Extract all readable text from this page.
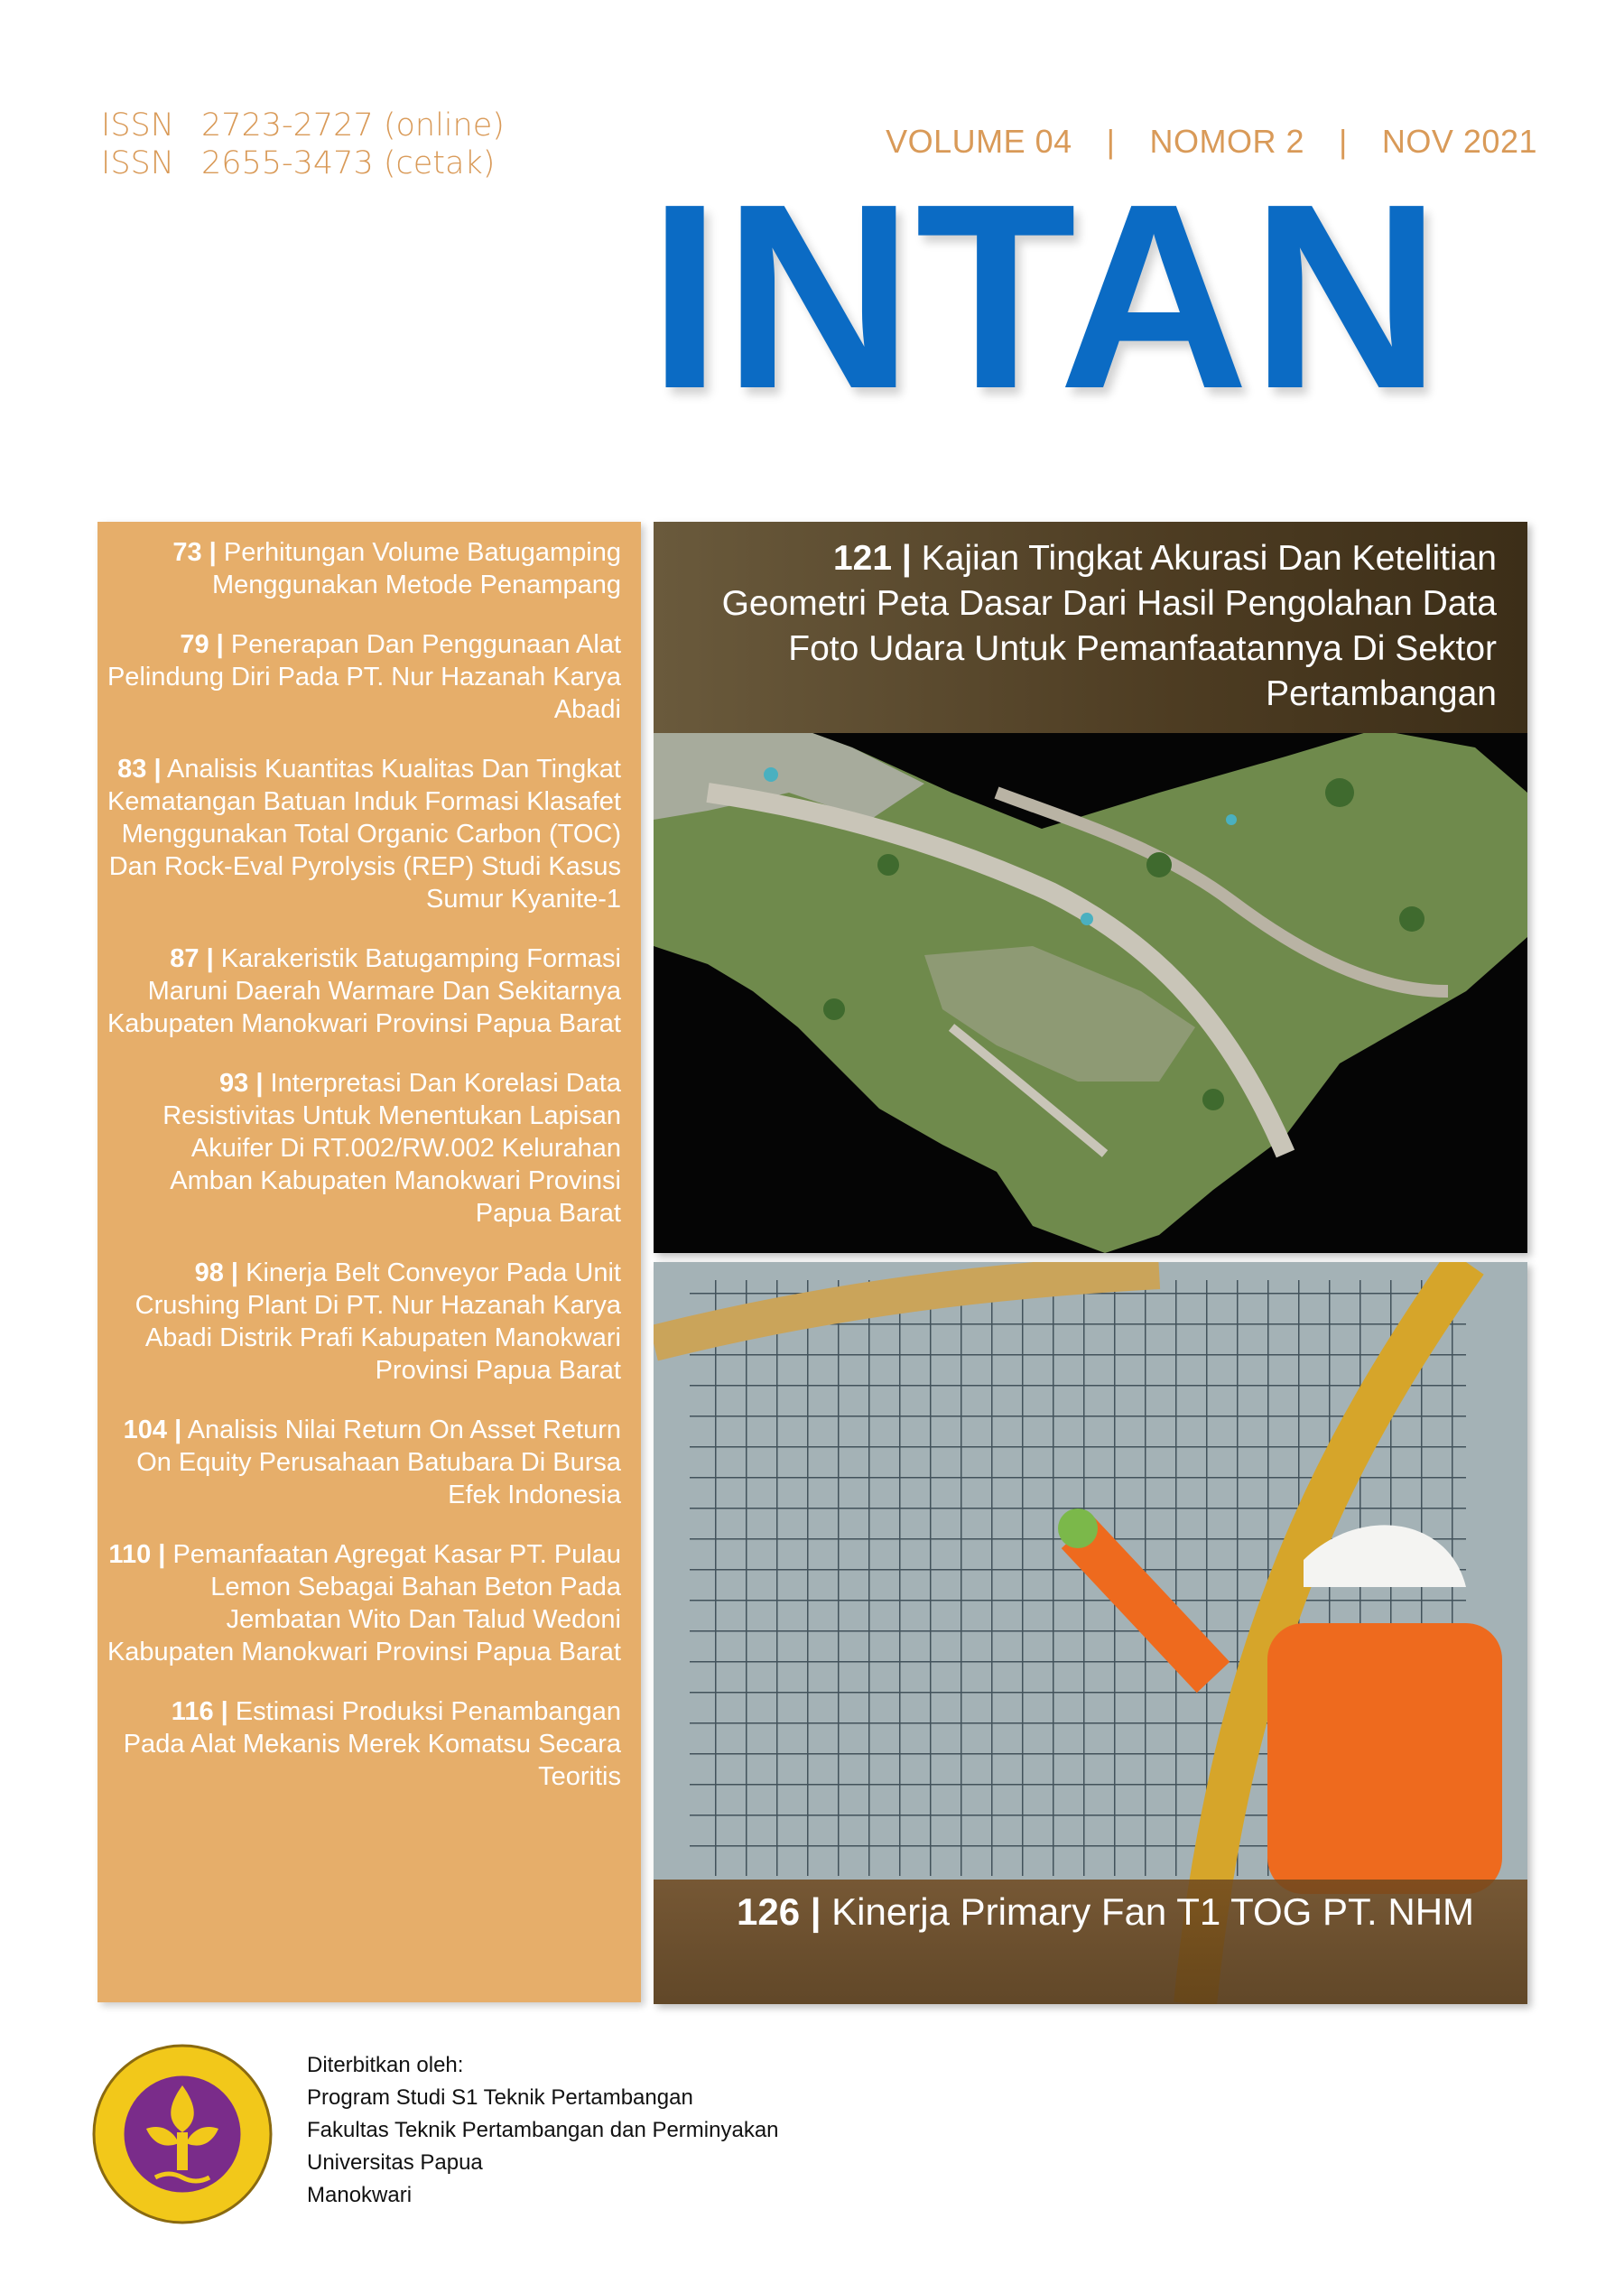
ISSN 2723-2727 (online)
ISSN 2655-3473 (cetak)
VOLUME 04 | NOMOR 2 | NOV 2021
INTAN
73 | Perhitungan Volume Batugamping Menggunakan Metode Penampang
79 | Penerapan Dan Penggunaan Alat Pelindung Diri Pada PT. Nur Hazanah Karya Abadi
83 | Analisis Kuantitas Kualitas Dan Tingkat Kematangan Batuan Induk Formasi Klasafet Menggunakan Total Organic Carbon (TOC) Dan Rock-Eval Pyrolysis (REP) Studi Kasus Sumur Kyanite-1
87 | Karakeristik Batugamping Formasi Maruni Daerah Warmare Dan Sekitarnya Kabupaten Manokwari Provinsi Papua Barat
93 | Interpretasi Dan Korelasi Data Resistivitas Untuk Menentukan Lapisan Akuifer Di RT.002/RW.002 Kelurahan Amban Kabupaten Manokwari Provinsi Papua Barat
98 | Kinerja Belt Conveyor Pada Unit Crushing Plant Di PT. Nur Hazanah Karya Abadi Distrik Prafi Kabupaten Manokwari Provinsi Papua Barat
104 | Analisis Nilai Return On Asset Return On Equity Perusahaan Batubara Di Bursa Efek Indonesia
110 | Pemanfaatan Agregat Kasar PT. Pulau Lemon Sebagai Bahan Beton Pada Jembatan Wito Dan Talud Wedoni Kabupaten Manokwari Provinsi Papua Barat
116 | Estimasi Produksi Penambangan Pada Alat Mekanis Merek Komatsu Secara Teoritis
121 | Kajian Tingkat Akurasi Dan Ketelitian Geometri Peta Dasar Dari Hasil Pengolahan Data Foto Udara Untuk Pemanfaatannya Di Sektor Pertambangan
126 | Kinerja Primary Fan T1 TOG PT. NHM
Diterbitkan oleh:
Program Studi S1 Teknik Pertambangan
Fakultas Teknik Pertambangan dan Perminyakan
Universitas Papua
Manokwari
